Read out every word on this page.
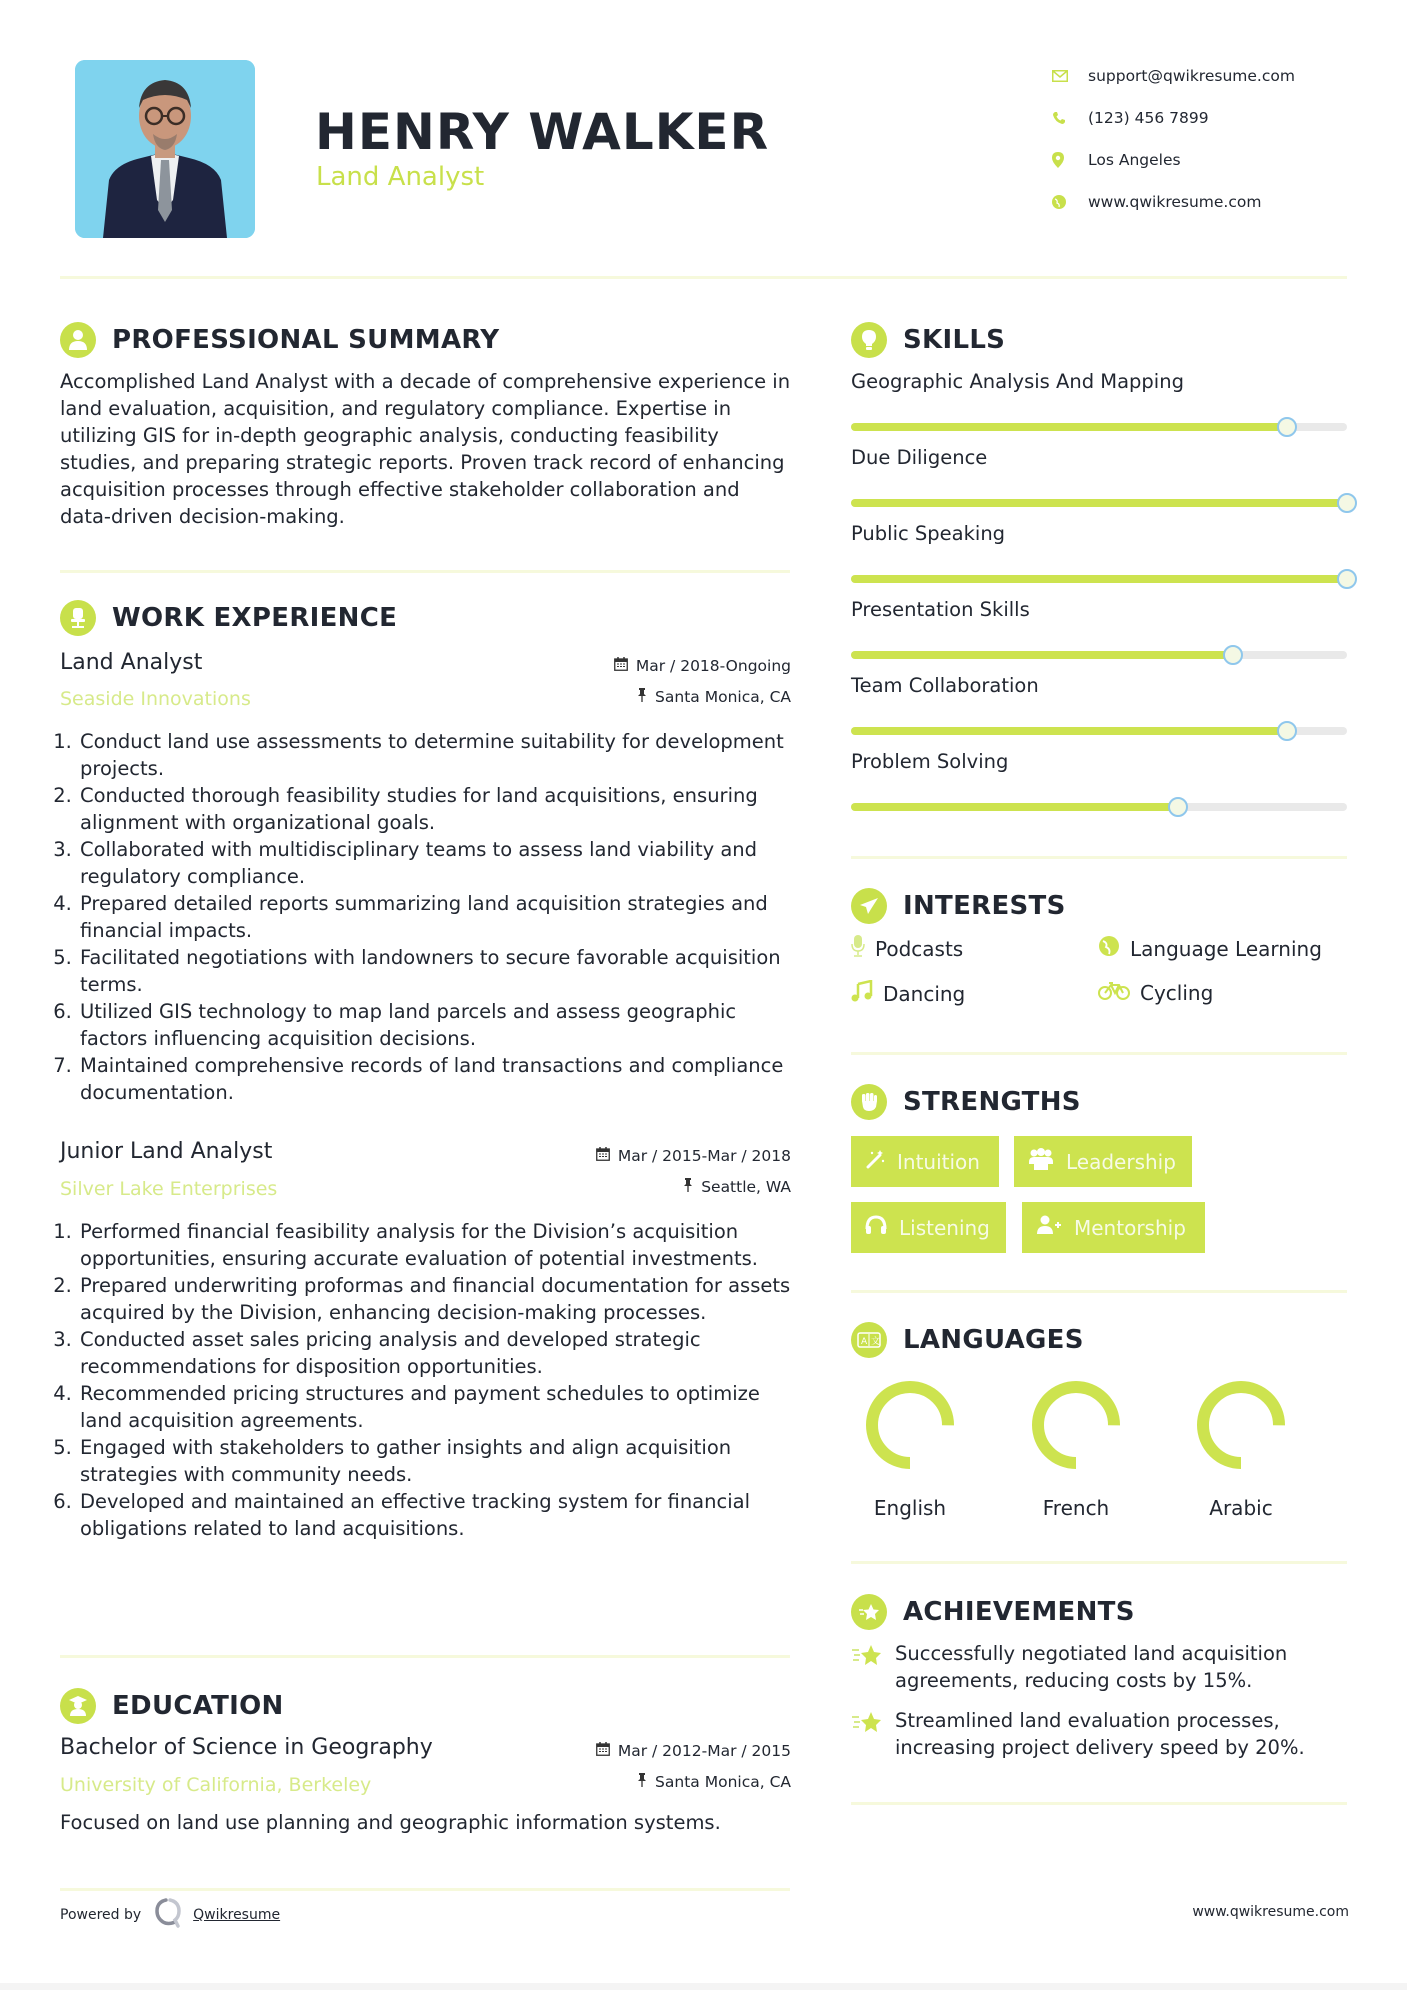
HENRY WALKER
Land Analyst
support@qwikresume.com
(123) 456 7899
Los Angeles
www.qwikresume.com
PROFESSIONAL SUMMARY
Accomplished Land Analyst with a decade of comprehensive experience in land evaluation, acquisition, and regulatory compliance. Expertise in utilizing GIS for in-depth geographic analysis, conducting feasibility studies, and preparing strategic reports. Proven track record of enhancing acquisition processes through effective stakeholder collaboration and data-driven decision-making.
WORK EXPERIENCE
Land Analyst
Seaside Innovations
Mar / 2018-Ongoing
Santa Monica, CA
1. Conduct land use assessments to determine suitability for development projects.
2. Conducted thorough feasibility studies for land acquisitions, ensuring alignment with organizational goals.
3. Collaborated with multidisciplinary teams to assess land viability and regulatory compliance.
4. Prepared detailed reports summarizing land acquisition strategies and financial impacts.
5. Facilitated negotiations with landowners to secure favorable acquisition terms.
6. Utilized GIS technology to map land parcels and assess geographic factors influencing acquisition decisions.
7. Maintained comprehensive records of land transactions and compliance documentation.
Junior Land Analyst
Silver Lake Enterprises
Mar / 2015-Mar / 2018
Seattle, WA
1. Performed financial feasibility analysis for the Division’s acquisition opportunities, ensuring accurate evaluation of potential investments.
2. Prepared underwriting proformas and financial documentation for assets acquired by the Division, enhancing decision-making processes.
3. Conducted asset sales pricing analysis and developed strategic recommendations for disposition opportunities.
4. Recommended pricing structures and payment schedules to optimize land acquisition agreements.
5. Engaged with stakeholders to gather insights and align acquisition strategies with community needs.
6. Developed and maintained an effective tracking system for financial obligations related to land acquisitions.
EDUCATION
Bachelor of Science in Geography
University of California, Berkeley
Mar / 2012-Mar / 2015
Santa Monica, CA
Focused on land use planning and geographic information systems.
SKILLS
Geographic Analysis And Mapping
Due Diligence
Public Speaking
Presentation Skills
Team Collaboration
Problem Solving
INTERESTS
Podcasts	Language Learning
Dancing	Cycling
STRENGTHS
Intuition	Leadership
Listening	Mentorship
A 文 LANGUAGES
English	French	Arabic
ACHIEVEMENTS
Successfully negotiated land acquisition agreements, reducing costs by 15%.
Streamlined land evaluation processes, increasing project delivery speed by 20%.
Powered by	Qwikresume	www.qwikresume.com
